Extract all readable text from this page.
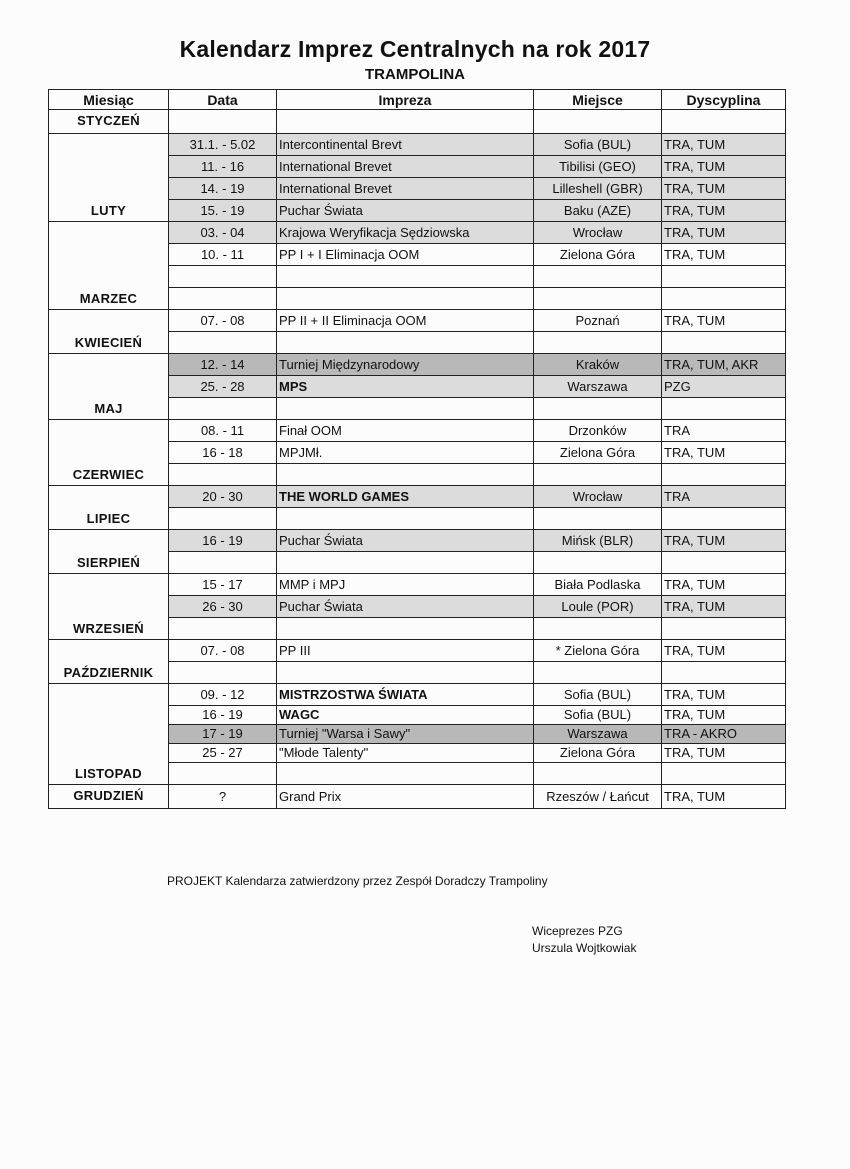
Kalendarz Imprez Centralnych na rok 2017
TRAMPOLINA
Miesiąc	Data	Impreza	Miejsce	Dyscyplina
STYCZEŃ				
LUTY	31.1. - 5.02	Intercontinental Brevt	Sofia (BUL)	TRA, TUM
	11. - 16	International Brevet	Tibilisi (GEO)	TRA, TUM
	14. - 19	International Brevet	Lilleshell (GBR)	TRA, TUM
	15. - 19	Puchar Świata	Baku (AZE)	TRA, TUM
MARZEC	03. - 04	Krajowa Weryfikacja Sędziowska	Wrocław	TRA, TUM
	10. - 11	PP I + I Eliminacja OOM	Zielona Góra	TRA, TUM

KWIECIEŃ	07. - 08	PP II + II Eliminacja OOM	Poznań	TRA, TUM

MAJ	12. - 14	Turniej Międzynarodowy	Kraków	TRA, TUM, AKR
	25. - 28	MPS	Warszawa	PZG

CZERWIEC	08. - 11	Finał OOM	Drzonków	TRA
	16 - 18	MPJMł.	Zielona Góra	TRA, TUM

LIPIEC	20 - 30	THE WORLD GAMES	Wrocław	TRA

SIERPIEŃ	16 - 19	Puchar Świata	Mińsk (BLR)	TRA, TUM

WRZESIEŃ	15 - 17	MMP i MPJ	Biała Podlaska	TRA, TUM
	26 - 30	Puchar Świata	Loule (POR)	TRA, TUM

PAŹDZIERNIK	07. - 08	PP III	* Zielona Góra	TRA, TUM

LISTOPAD	09. - 12	MISTRZOSTWA ŚWIATA	Sofia (BUL)	TRA, TUM
	16 - 19	WAGC	Sofia (BUL)	TRA, TUM
	17 - 19	Turniej "Warsa i Sawy"	Warszawa	TRA - AKRO
	25 - 27	"Młode Talenty"	Zielona Góra	TRA, TUM

GRUDZIEŃ	?	Grand Prix	Rzeszów / Łańcut	TRA, TUM
PROJEKT Kalendarza zatwierdzony przez Zespół Doradczy Trampoliny
Wiceprezes PZG
Urszula Wojtkowiak
